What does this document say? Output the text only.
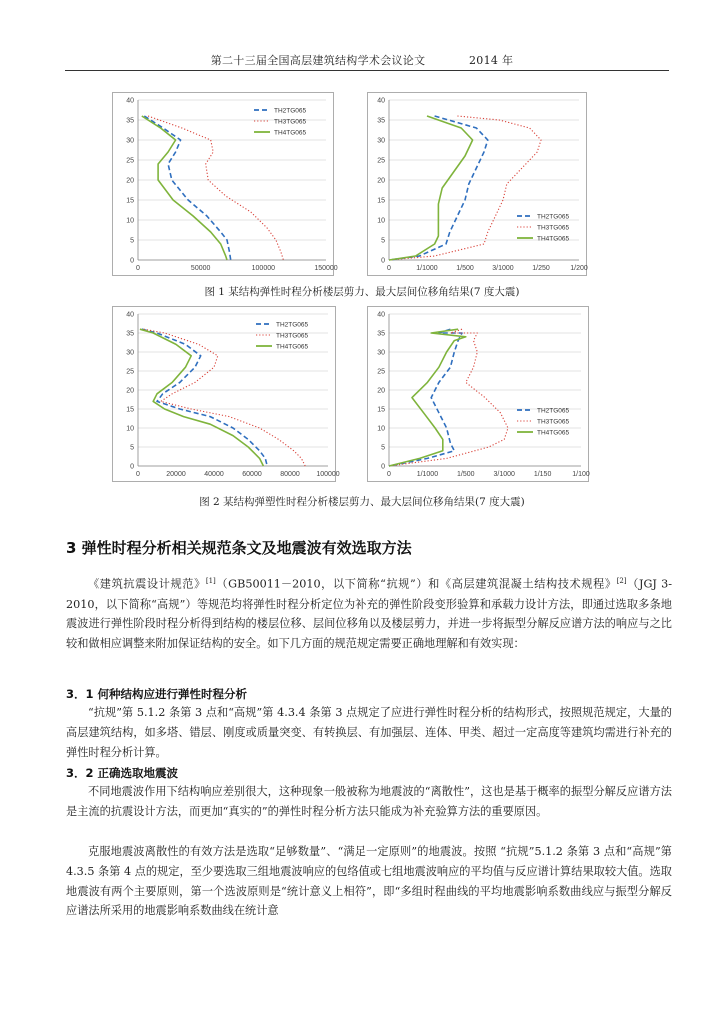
第二十三届全国高层建筑结构学术会议论文	2014 年
0
5
10
15
20
25
30
35
40
0	50000	100000	150000
TH2TG065
TH3TG065
TH4TG065
0
5
10
15
20
25
30
35
40
0	1/1000	1/500	3/1000	1/250	1/200
TH2TG065
TH3TG065
TH4TG065
图 1 某结构弹性时程分析楼层剪力、最大层间位移角结果(7 度大震)
0
5
10
15
20
25
30
35
40
0	20000	40000	60000	80000 100000
TH2TG065
TH3TG065
TH4TG065
0
5
10
15
20
25
30
35
40
0	1/1000	1/500	3/1000	1/150	1/100
TH2TG065
TH3TG065
TH4TG065
图 2 某结构弹塑性时程分析楼层剪力、最大层间位移角结果(7 度大震)
3 弹性时程分析相关规范条文及地震波有效选取方法

《建筑抗震设计规范》[1]（GB50011－2010，以下简称“抗规”）和《高层建筑混凝土结构技术规程》[2]（JGJ 3-2010，以下简称“高规”）等规范均将弹性时程分析定位为补充的弹性阶段变形验算和承载力设计方法，即通过选取多条地震波进行弹性阶段时程分析得到结构的楼层位移、层间位移角以及楼层剪力，并进一步将振型分解反应谱方法的响应与之比较和做相应调整来附加保证结构的安全。如下几方面的规范规定需要正确地理解和有效实现：

3．1 何种结构应进行弹性时程分析
“抗规”第 5.1.2 条第 3 点和“高规”第 4.3.4 条第 3 点规定了应进行弹性时程分析的结构形式，按照规范规定，大量的高层建筑结构，如多塔、错层、刚度或质量突变、有转换层、有加强层、连体、甲类、超过一定高度等建筑均需进行补充的弹性时程分析计算。
3．2 正确选取地震波
不同地震波作用下结构响应差别很大，这种现象一般被称为地震波的“离散性”，这也是基于概率的振型分解反应谱方法是主流的抗震设计方法，而更加“真实的”的弹性时程分析方法只能成为补充验算方法的重要原因。
克服地震波离散性的有效方法是选取“足够数量”、“满足一定原则”的地震波。按照 “抗规”5.1.2 条第 3 点和“高规”第 4.3.5 条第 4 点的规定，至少要选取三组地震波响应的包络值或七组地震波响应的平均值与反应谱计算结果取较大值。选取地震波有两个主要原则，第一个选波原则是“统计意义上相符”，即“多组时程曲线的平均地震影响系数曲线应与振型分解反应谱法所采用的地震影响系数曲线在统计意
